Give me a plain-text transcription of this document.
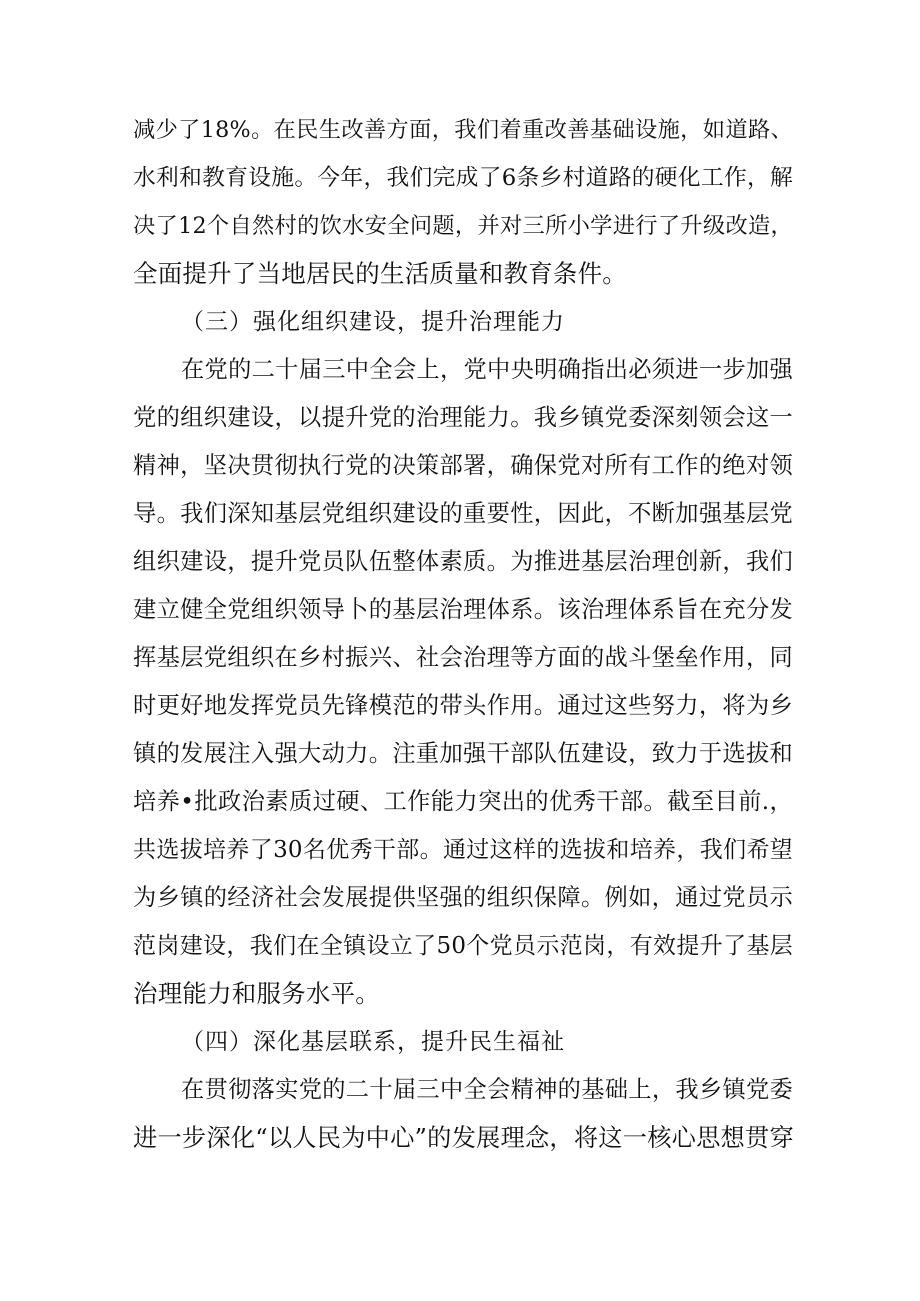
减少了18%。在民生改善方面，我们着重改善基础设施，如道路、
水利和教育设施。今年，我们完成了6条乡村道路的硬化工作，解
决了12个自然村的饮水安全问题，并对三所小学进行了升级改造，
全面提升了当地居民的生活质量和教育条件。
（三）强化组织建设，提升治理能力
在党的二十届三中全会上，党中央明确指出必须进一步加强
党的组织建设，以提升党的治理能力。我乡镇党委深刻领会这一
精神，坚决贯彻执行党的决策部署，确保党对所有工作的绝对领
导。我们深知基层党组织建设的重要性，因此，不断加强基层党
组织建设，提升党员队伍整体素质。为推进基层治理创新，我们
建立健全党组织领导卜的基层治理体系。该治理体系旨在充分发
挥基层党组织在乡村振兴、社会治理等方面的战斗堡垒作用，同
时更好地发挥党员先锋模范的带头作用。通过这些努力，将为乡
镇的发展注入强大动力。注重加强干部队伍建设，致力于选拔和
培养•批政治素质过硬、工作能力突出的优秀干部。截至目前.，
共选拔培养了30名优秀干部。通过这样的选拔和培养，我们希望
为乡镇的经济社会发展提供坚强的组织保障。例如，通过党员示
范岗建设，我们在全镇设立了50个党员示范岗，有效提升了基层
治理能力和服务水平。
（四）深化基层联系，提升民生福祉
在贯彻落实党的二十届三中全会精神的基础上，我乡镇党委
进一步深化“以人民为中心”的发展理念，将这一核心思想贯穿
